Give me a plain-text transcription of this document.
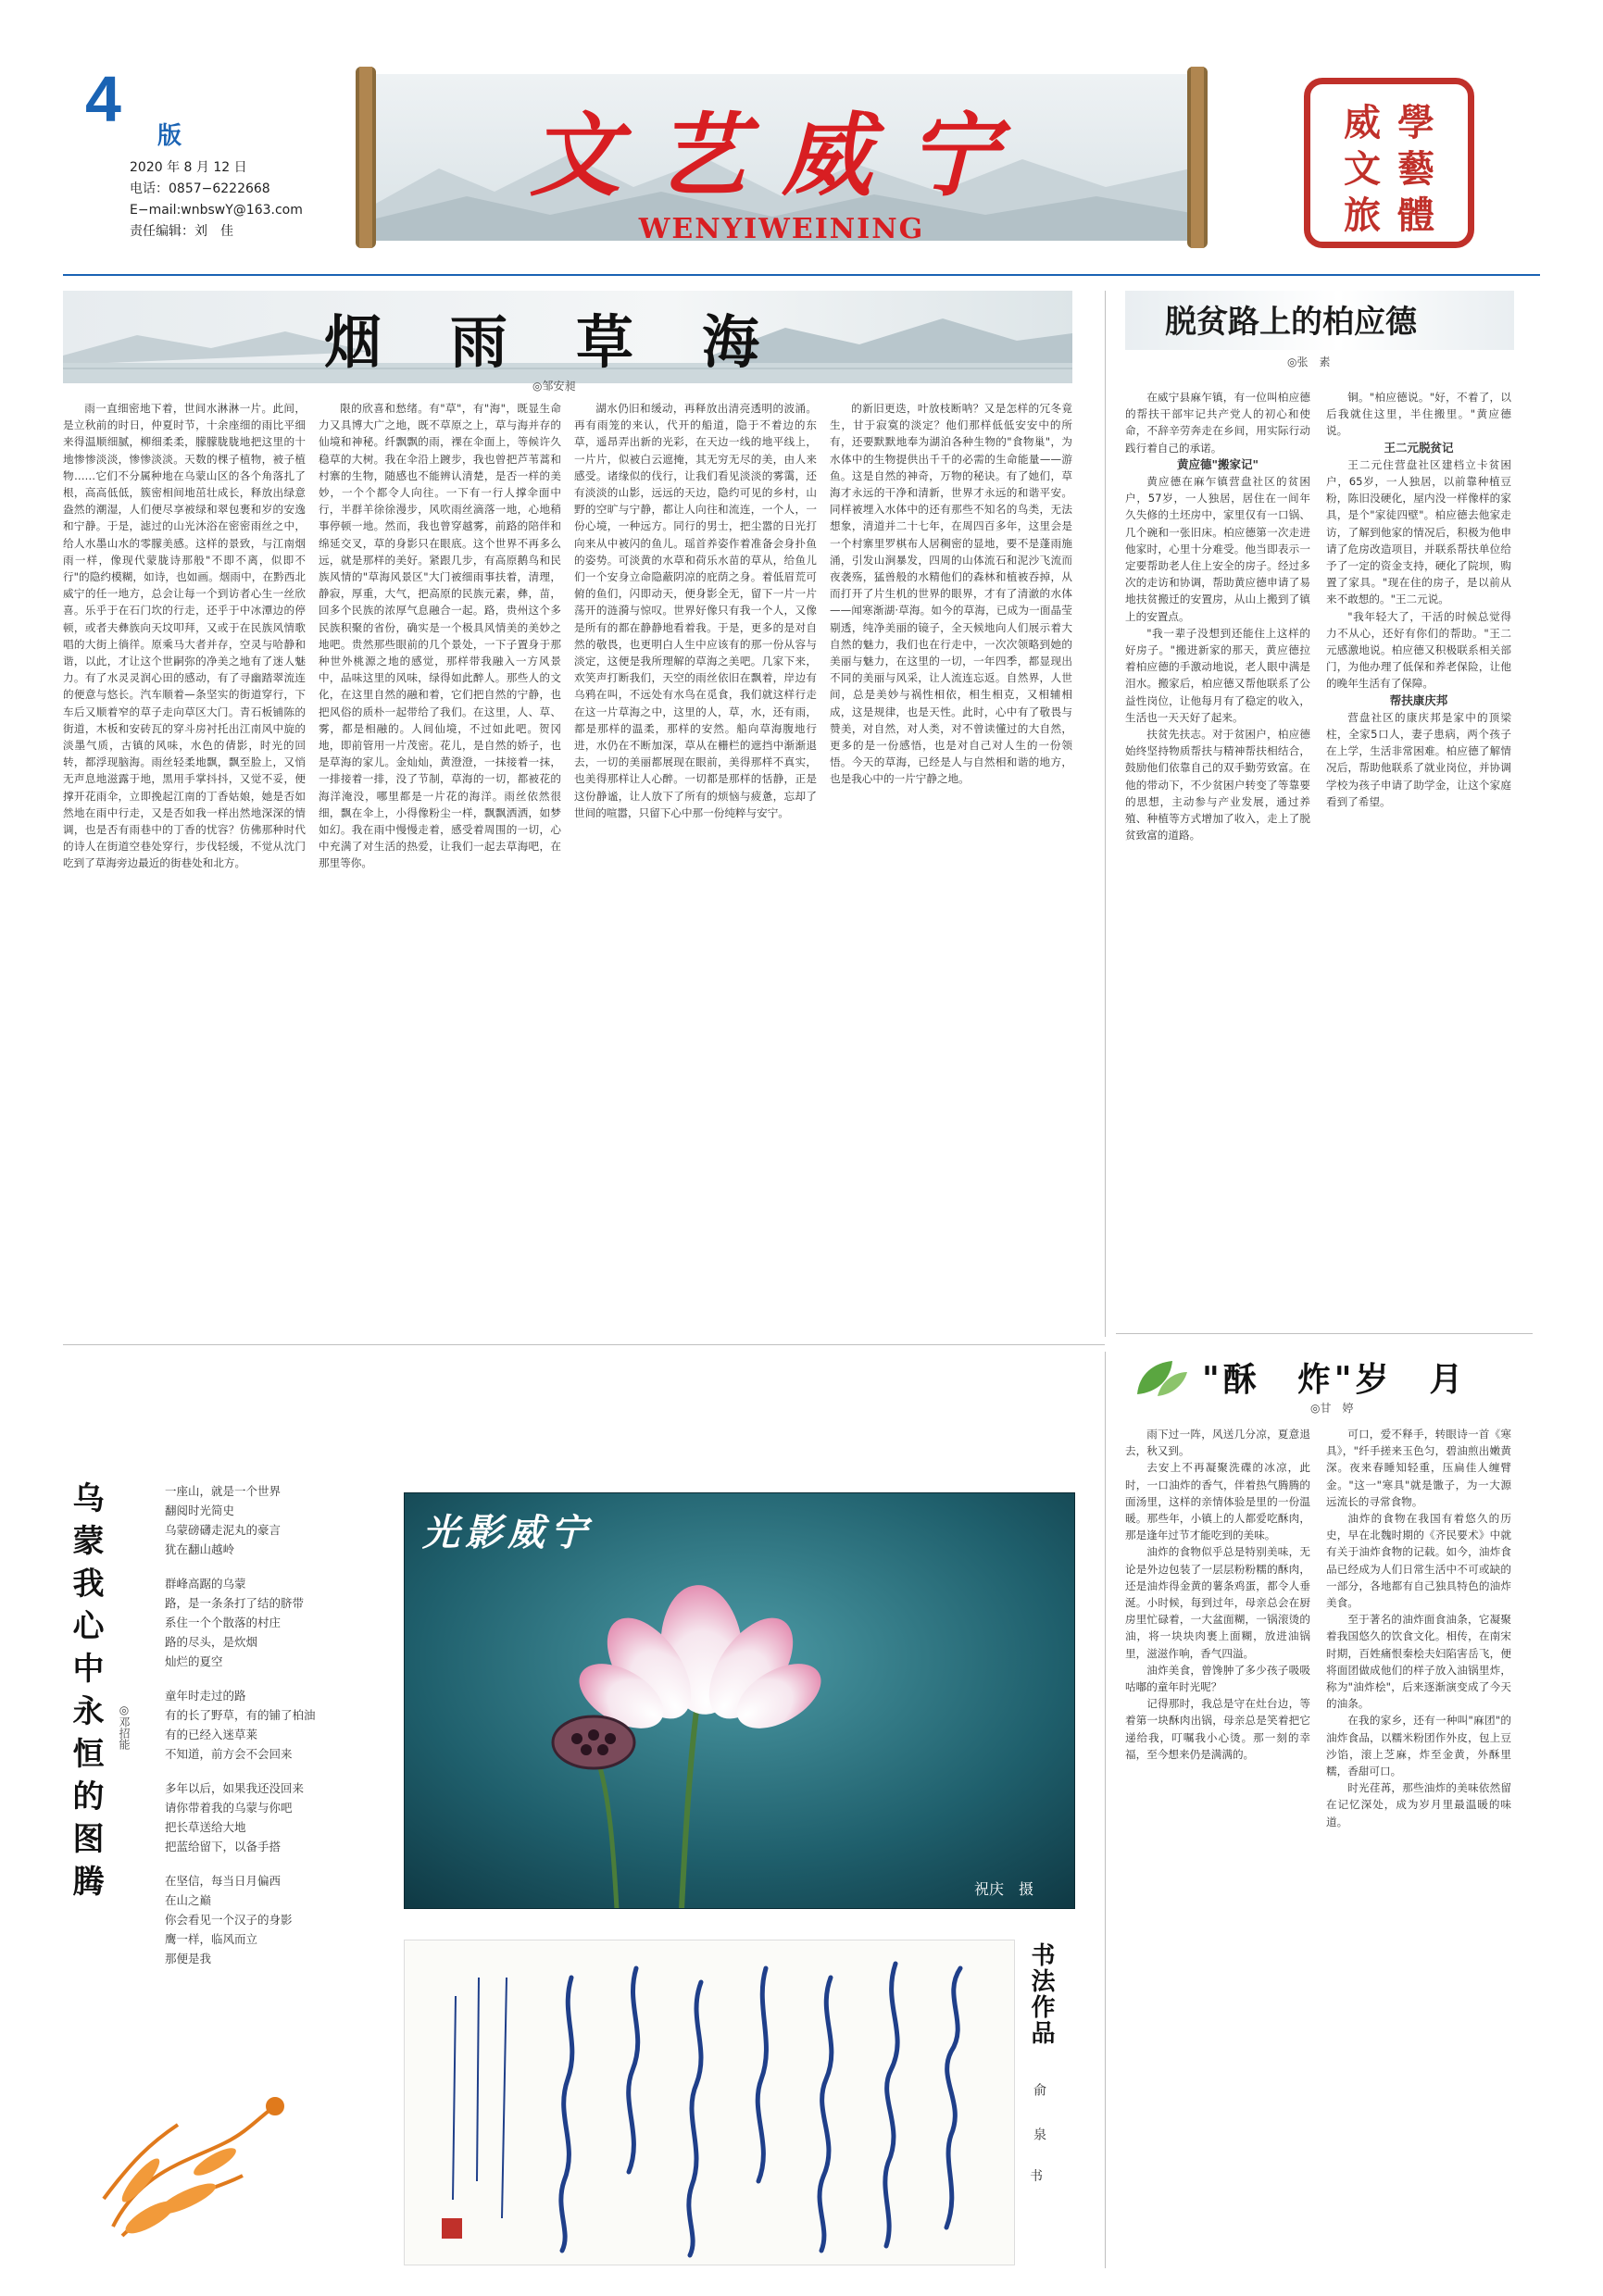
4
版
2020 年 8 月 12 日
电话：0857−6222668
E−mail:wnbswY@163.com
责任编辑：刘　佳
文艺威宁
WENYIWEINING
學
藝
體
威
文
旅
烟　雨　草　海
◎邹安昶

雨一直细密地下着，世间水淋淋一片。此间，是立秋前的时日，仲夏时节，十余座细的雨比平细来得温顺细腻，柳细柔柔，朦朦胧胧地把这里的十地惨惨淡淡，惨惨淡淡。天数的棵子植物，被子植物……它们不分属种地在乌蒙山区的各个角落扎了根，高高低低，簇密相间地茁壮成长，释放出绿意盎然的潮湿，人们便尽享被绿和翠包裹和岁的安逸和宁静。于是，滤过的山光沐浴在密密雨丝之中，给人水墨山水的零朦美感。这样的景致，与江南烟雨一样，像现代蒙胧诗那般"不即不离，似即不行"的隐约模糊，如诗，也如画。烟雨中，在黔西北威宁的任一地方，总会让每一个到访者心生一丝欣喜。乐乎于在石门坎的行走，还乎于中冰潭边的停顿，或者夫彝族向天坟叩拜，又或于在民族风情歌唱的大街上徜徉。原乘马大者并存，空灵与哈静和谐，以此，才让这个世嗣弥的净美之地有了迷人魅力。有了水灵灵润心田的感动，有了寻幽踏翠流连的便意与悠长。汽车顺着—条坚实的街道穿行，下车后又顺着窄的草子走向草区大门。青石板铺陈的街道，木板和安砖瓦的穿斗房衬托出江南风中旋的淡墨气质，古镇的风味，水色的倩影，时光的回转，都浮现脑海。雨丝轻柔地飘，飘至脸上，又悄无声息地滋露于地，黑用手掌抖抖，又觉不妥，便撑开花雨伞，立即挽起江南的丁香姑娘，她是否如然地在雨中行走，又是否如我一样出然地深深的情调，也是否有雨巷中的丁香的忧容？仿佛那种时代的诗人在街道空巷处穿行，步伐轻缓，不觉从沈门吃到了草海旁边最近的街巷处和北方。

限的欣喜和愁绪。有"草"，有"海"，既显生命力又具博大广之地，既不草原之上，草与海并存的仙境和神秘。纤飘飘的雨，裸在伞面上，等候许久稳草的大树。我在伞沿上踱步，我也曾把芦苇蒿和村寨的生物，随感也不能辨认清楚，是否一样的美妙，一个个都令人向往。一下有一行人撑伞面中行，半群羊徐徐漫步，风吹雨丝滴落一地，心地稍事停顿一地。然而，我也曾穿越雾，前路的陪伴和绵延交叉，草的身影只在眼底。这个世界不再多么远，就是那样的美好。紧跟几步，有高原鹅鸟和民族风情的"草海风景区"大门被细雨事扶着，清理，静寂，厚重，大气，把高原的民族元素，彝，苗，回多个民族的浓厚气息融合一起。路，贵州这个多民族积聚的省份，确实是一个极具风情美的美妙之地吧。贵然那些眼前的几个景处，一下子置身于那种世外桃源之地的感觉，那样带我融入一方风景中，品味这里的风味，绿得如此醉人。那些人的文化，在这里自然的融和着，它们把自然的宁静，也把风俗的质朴一起带给了我们。在这里，人、草、雾，都是相融的。人间仙境，不过如此吧。贺冈地，即前管用一片茂密。花儿，是自然的娇子，也是草海的家儿。金灿灿，黄澄澄，一抹接着一抹，一排接着一排，没了节制，草海的一切，都被花的海洋淹没，哪里都是一片花的海洋。雨丝依然很细，飘在伞上，小得像粉尘一样，飘飘洒洒，如梦如幻。我在雨中慢慢走着，感受着周围的一切，心中充满了对生活的热爱，让我们一起去草海吧，在那里等你。

湖水仍旧和缓动，再释放出清亮透明的波涌。再有雨笼的来认，代开的船道，隐于不着边的东草，遥昂弄出新的光彩，在天边一线的地平线上，一片片，似被白云遮掩，其无穷无尽的美，由人来感受。诸缘似的伐行，让我们看见淡淡的雾霭，还有淡淡的山影，远远的天边，隐约可见的乡村，山野的空旷与宁静，都让人向往和流连，一个人，一份心境，一种远方。同行的男士，把尘嚣的日光打向来从中被闪的鱼儿。瑶首养姿作着准备会身扑鱼的姿势。可淡黄的水草和荷乐水苗的草从，给鱼儿们一个安身立命隐蔽阴凉的庇荫之身。着低眉荒可俯的鱼们，闪即动天，便身影全无，留下一片一片荡开的涟漪与惊叹。世界好像只有我一个人，又像是所有的都在静静地看着我。于是，更多的是对自然的敬畏，也更明白人生中应该有的那一份从容与淡定，这便是我所理解的草海之美吧。几家下来，欢笑声打断我们，天空的雨丝依旧在飘着，岸边有乌鸦在叫，不远处有水鸟在觅食，我们就这样行走在这一片草海之中，这里的人，草，水，还有雨，都是那样的温柔，那样的安然。船向草海腹地行进，水仍在不断加深，草从在栅栏的遮挡中渐渐退去，一切的美丽都展现在眼前，美得那样不真实，也美得那样让人心醉。一切都是那样的恬静，正是这份静谧，让人放下了所有的烦恼与疲惫，忘却了世间的喧嚣，只留下心中那一份纯粹与安宁。

的新旧更迭，叶放枝断呐？又是怎样的冗冬竟生，甘于寂寞的淡定？他们那样低低安安中的所有，还要默默地奉为湖泊各种生物的"食物巢"，为水体中的生物提供出千千的必需的生命能量——游鱼。这是自然的神奇，万物的秘诀。有了她们，草海才永远的干净和清新，世界才永远的和谐平安。同样被埋入水体中的还有那些不知名的鸟类，无法想象，清道并二十七年，在周四百多年，这里会是一个村寨里罗棋布人居稠密的显地，要不是蓬雨施涌，引发山涧暴发，四周的山体流石和泥沙飞流而夜袭殇，猛兽般的水精他们的森林和植被吞掉，从而打开了片生机的世界的眼界，才有了清澈的水体——闻寒渐湖·草海。如今的草海，已成为一面晶莹剔透，纯净美丽的镜子，全天候地向人们展示着大自然的魅力，我们也在行走中，一次次领略到她的美丽与魅力，在这里的一切，一年四季，都显现出不同的美丽与风采，让人流连忘返。自然界，人世间，总是美妙与祸性相依，相生相克，又相辅相成，这是规律，也是天性。此时，心中有了敬畏与赞美，对自然，对人类，对不曾读懂过的大自然，更多的是一份感悟，也是对自己对人生的一份领悟。今天的草海，已经是人与自然相和谐的地方，也是我心中的一片宁静之地。

脱贫路上的柏应德
◎张　素

在威宁县麻乍镇，有一位叫柏应德的帮扶干部牢记共产党人的初心和使命，不辞辛劳奔走在乡间，用实际行动践行着自己的承诺。

黄应德"搬家记"

黄应德在麻乍镇营盘社区的贫困户，57岁，一人独居，居住在一间年久失修的土坯房中，家里仅有一口锅、几个碗和一张旧床。柏应德第一次走进他家时，心里十分难受。他当即表示一定要帮助老人住上安全的房子。经过多次的走访和协调，帮助黄应德申请了易地扶贫搬迁的安置房，从山上搬到了镇上的安置点。

"我一辈子没想到还能住上这样的好房子。"搬进新家的那天，黄应德拉着柏应德的手激动地说，老人眼中满是泪水。搬家后，柏应德又帮他联系了公益性岗位，让他每月有了稳定的收入，生活也一天天好了起来。

扶贫先扶志。对于贫困户，柏应德始终坚持物质帮扶与精神帮扶相结合，鼓励他们依靠自己的双手勤劳致富。在他的带动下，不少贫困户转变了等靠要的思想，主动参与产业发展，通过养殖、种植等方式增加了收入，走上了脱贫致富的道路。

铜。"柏应德说。"好，不着了，以后我就住这里，半住搬里。"黄应德说。

王二元脱贫记

王二元住营盘社区建档立卡贫困户，65岁，一人独居，以前靠种植豆粉，陈旧没硬化，屋内没一样像样的家具，是个"家徒四壁"。柏应德去他家走访，了解到他家的情况后，积极为他申请了危房改造项目，并联系帮扶单位给予了一定的资金支持，硬化了院坝，购置了家具。"现在住的房子，是以前从来不敢想的。"王二元说。

"我年轻大了，干活的时候总觉得力不从心，还好有你们的帮助。"王二元感激地说。柏应德又积极联系相关部门，为他办理了低保和养老保险，让他的晚年生活有了保障。

帮扶康庆邦

营盘社区的康庆邦是家中的顶梁柱，全家5口人，妻子患病，两个孩子在上学，生活非常困难。柏应德了解情况后，帮助他联系了就业岗位，并协调学校为孩子申请了助学金，让这个家庭看到了希望。

乌蒙我心中永恒的图腾	◎邓招能
一座山，就是一个世界
翻阅时光简史
乌蒙磅礴走泥丸的豪言
犹在翻山越岭
群峰高踞的乌蒙
路，是一条条打了结的脐带
系住一个个散落的村庄
路的尽头，是炊烟
灿烂的夏空
童年时走过的路
有的长了野草，有的铺了柏油
有的已经入迷草莱
不知道，前方会不会回来
多年以后，如果我还没回来
请你带着我的乌蒙与你吧
把长草送给大地
把蓝给留下，以备手搭
在坚信，每当日月偏西
在山之巅
你会看见一个汉子的身影
鹰一样，临风而立
那便是我
光影威宁
祝庆　摄
书法作品
俞　泉
书
"酥　炸"岁　月
◎甘　婷

雨下过一阵，风送几分凉，夏意退去，秋又到。

去安上不再凝聚洗碟的冰凉，此时，一口油炸的香气，伴着热气腾腾的面汤里，这样的亲情体验是里的一份温暖。那些年，小镇上的人都爱吃酥肉，那是逢年过节才能吃到的美味。

油炸的食物似乎总是特别美味，无论是外边包装了一层层粉粉糯的酥肉，还是油炸得金黄的薯条鸡蛋，都令人垂涎。小时候，每到过年，母亲总会在厨房里忙碌着，一大盆面糊，一锅滚烫的油，将一块块肉裹上面糊，放进油锅里，滋滋作响，香气四溢。

油炸美食，曾馋肿了多少孩子吸吸咕嘟的童年时光呢？

记得那时，我总是守在灶台边，等着第一块酥肉出锅，母亲总是笑着把它递给我，叮嘱我小心烫。那一刻的幸福，至今想来仍是满满的。

可口，爱不释手，转眼诗一首《寒具》，"纤手搓来玉色匀，碧油煎出嫩黄深。夜来春睡知轻重，压扁佳人缠臂金。"这一"寒具"就是馓子，为一大源远流长的寻常食物。

油炸的食物在我国有着悠久的历史，早在北魏时期的《齐民要术》中就有关于油炸食物的记载。如今，油炸食品已经成为人们日常生活中不可或缺的一部分，各地都有自己独具特色的油炸美食。

至于著名的油炸面食油条，它凝聚着我国悠久的饮食文化。相传，在南宋时期，百姓痛恨秦桧夫妇陷害岳飞，便将面团做成他们的样子放入油锅里炸，称为"油炸桧"，后来逐渐演变成了今天的油条。

在我的家乡，还有一种叫"麻团"的油炸食品，以糯米粉团作外皮，包上豆沙馅，滚上芝麻，炸至金黄，外酥里糯，香甜可口。

时光荏苒，那些油炸的美味依然留在记忆深处，成为岁月里最温暖的味道。
